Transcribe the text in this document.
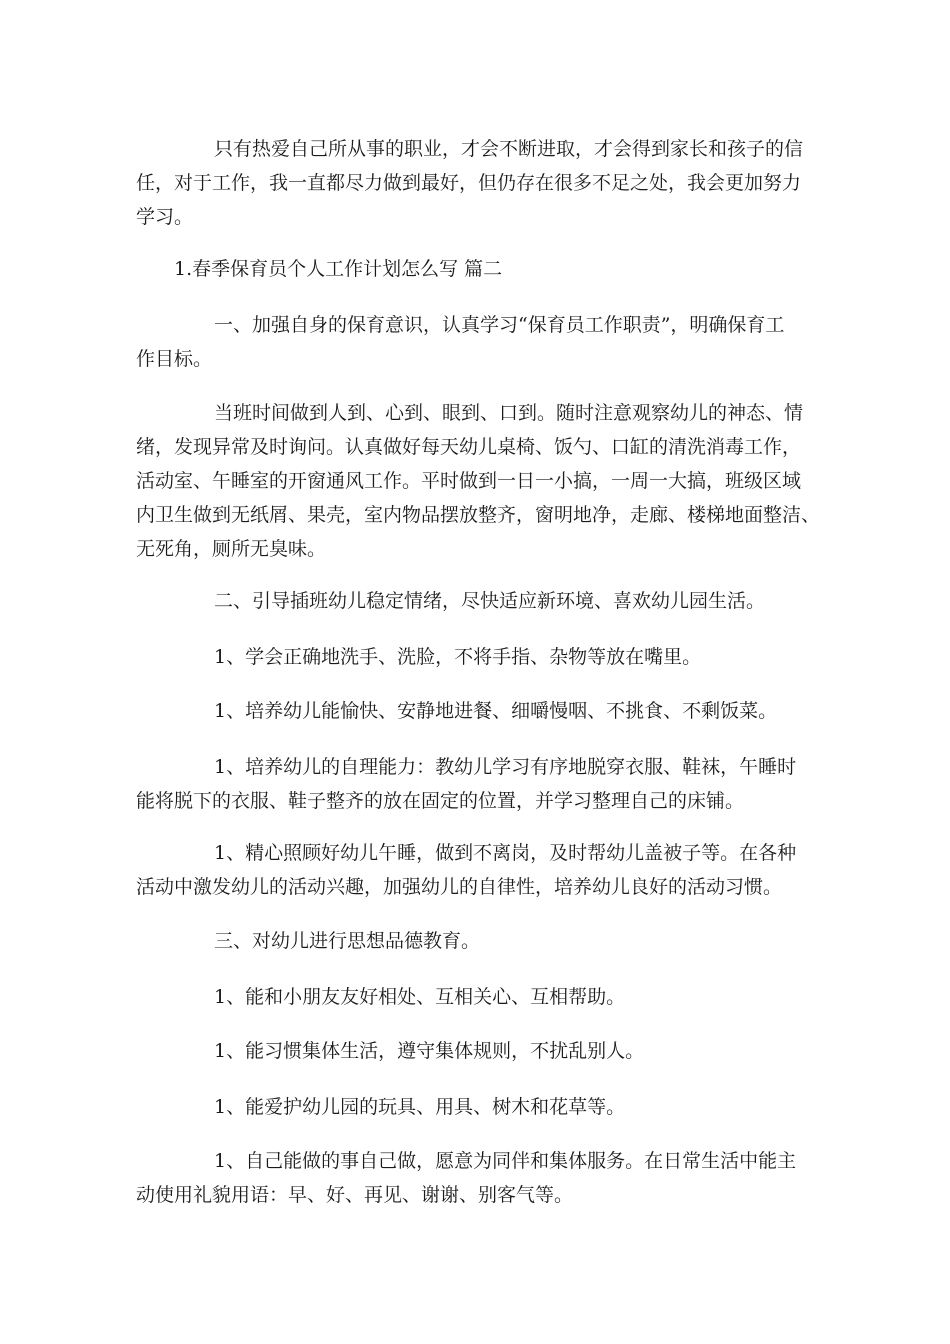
只有热爱自己所从事的职业，才会不断进取，才会得到家长和孩子的信
任，对于工作，我一直都尽力做到最好，但仍存在很多不足之处，我会更加努力
学习。
1.春季保育员个人工作计划怎么写 篇二
一、加强自身的保育意识，认真学习“保育员工作职责”，明确保育工
作目标。
当班时间做到人到、心到、眼到、口到。随时注意观察幼儿的神态、情
绪，发现异常及时询问。认真做好每天幼儿桌椅、饭勺、口缸的清洗消毒工作，
活动室、午睡室的开窗通风工作。平时做到一日一小搞，一周一大搞，班级区域
内卫生做到无纸屑、果壳，室内物品摆放整齐，窗明地净，走廊、楼梯地面整洁、
无死角，厕所无臭味。
二、引导插班幼儿稳定情绪，尽快适应新环境、喜欢幼儿园生活。
1、学会正确地洗手、洗脸，不将手指、杂物等放在嘴里。
1、培养幼儿能愉快、安静地进餐、细嚼慢咽、不挑食、不剩饭菜。
1、培养幼儿的自理能力：教幼儿学习有序地脱穿衣服、鞋袜，午睡时
能将脱下的衣服、鞋子整齐的放在固定的位置，并学习整理自己的床铺。
1、精心照顾好幼儿午睡，做到不离岗，及时帮幼儿盖被子等。在各种
活动中激发幼儿的活动兴趣，加强幼儿的自律性，培养幼儿良好的活动习惯。
三、对幼儿进行思想品德教育。
1、能和小朋友友好相处、互相关心、互相帮助。
1、能习惯集体生活，遵守集体规则，不扰乱别人。
1、能爱护幼儿园的玩具、用具、树木和花草等。
1、自己能做的事自己做，愿意为同伴和集体服务。在日常生活中能主
动使用礼貌用语：早、好、再见、谢谢、别客气等。
